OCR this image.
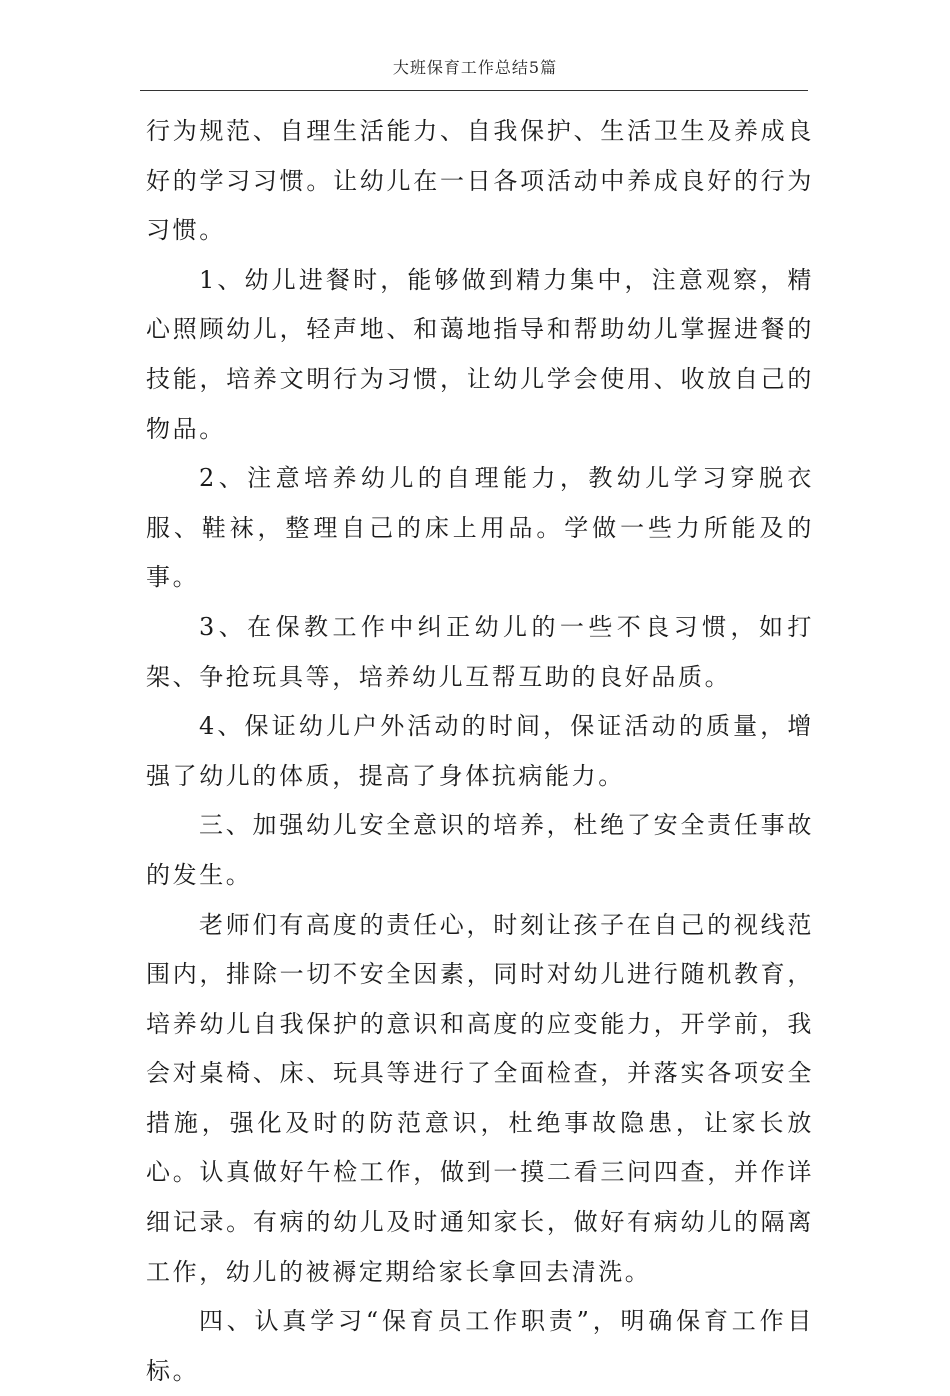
大班保育工作总结5篇

行为规范、自理生活能力、自我保护、生活卫生及养成良好的学习习惯。让幼儿在一日各项活动中养成良好的行为习惯。

1、幼儿进餐时，能够做到精力集中，注意观察，精心照顾幼儿，轻声地、和蔼地指导和帮助幼儿掌握进餐的技能，培养文明行为习惯，让幼儿学会使用、收放自己的物品。

2、注意培养幼儿的自理能力，教幼儿学习穿脱衣服、鞋袜，整理自己的床上用品。学做一些力所能及的事。

3、在保教工作中纠正幼儿的一些不良习惯，如打架、争抢玩具等，培养幼儿互帮互助的良好品质。

4、保证幼儿户外活动的时间，保证活动的质量，增强了幼儿的体质，提高了身体抗病能力。

三、加强幼儿安全意识的培养，杜绝了安全责任事故的发生。

老师们有高度的责任心，时刻让孩子在自己的视线范围内，排除一切不安全因素，同时对幼儿进行随机教育，培养幼儿自我保护的意识和高度的应变能力，开学前，我会对桌椅、床、玩具等进行了全面检查，并落实各项安全措施，强化及时的防范意识，杜绝事故隐患，让家长放心。认真做好午检工作，做到一摸二看三问四查，并作详细记录。有病的幼儿及时通知家长，做好有病幼儿的隔离工作，幼儿的被褥定期给家长拿回去清洗。

四、认真学习“保育员工作职责”，明确保育工作目标。
